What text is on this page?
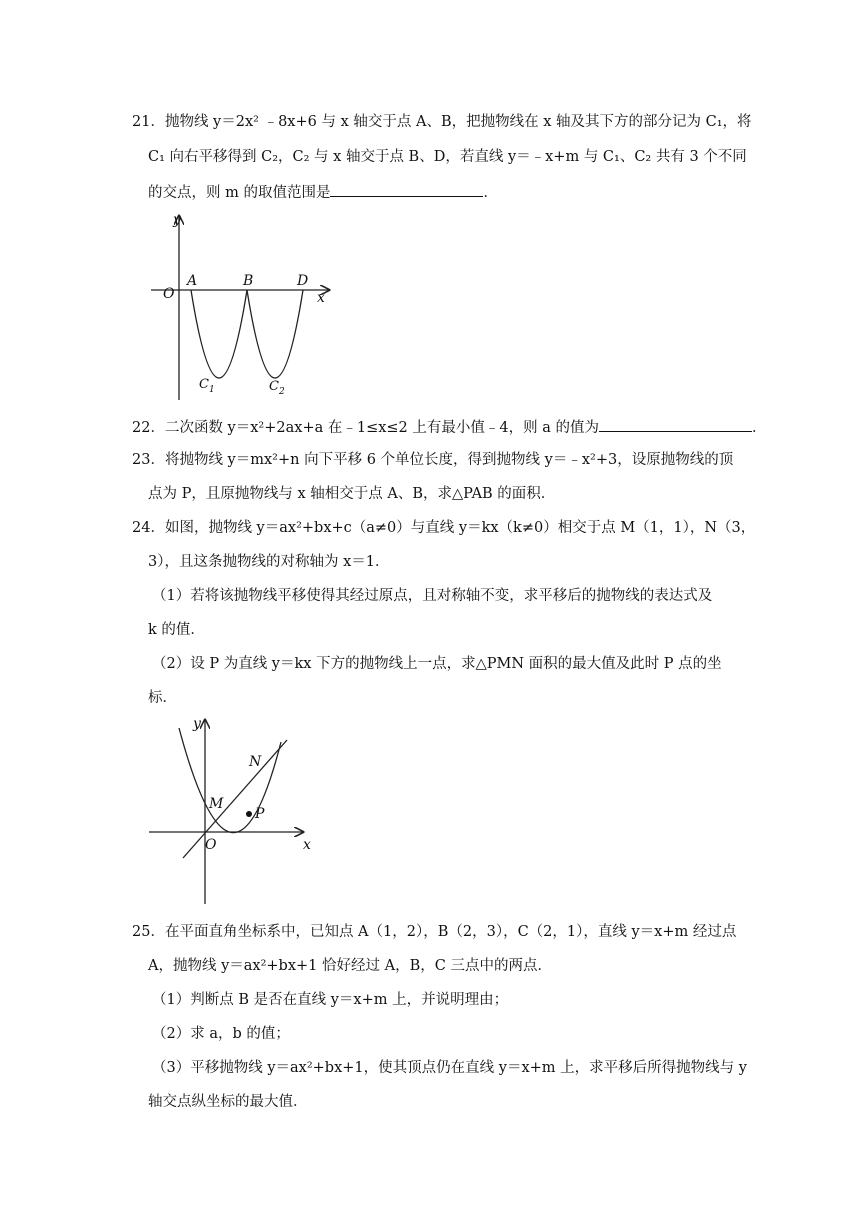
21．抛物线 y＝2x² ﹣8x+6 与 x 轴交于点 A、B，把抛物线在 x 轴及其下方的部分记为 C₁，将
C₁ 向右平移得到 C₂，C₂ 与 x 轴交于点 B、D，若直线 y＝﹣x+m 与 C₁、C₂ 共有 3 个不同
的交点，则 m 的取值范围是	．
y
x
O
A	B	D
$C_1$	$C_2$
22．二次函数 y＝x²+2ax+a 在﹣1≤x≤2 上有最小值﹣4，则 a 的值为	．
23．将抛物线 y＝mx²+n 向下平移 6 个单位长度，得到抛物线 y＝﹣x²+3，设原抛物线的顶
点为 P，且原抛物线与 x 轴相交于点 A、B，求△PAB 的面积．
24．如图，抛物线 y＝ax²+bx+c（a≠0）与直线 y＝kx（k≠0）相交于点 M（1，1），N（3，
3），且这条抛物线的对称轴为 x＝1．
（1）若将该抛物线平移使得其经过原点，且对称轴不变，求平移后的抛物线的表达式及
k 的值．
（2）设 P 为直线 y＝kx 下方的抛物线上一点，求△PMN 面积的最大值及此时 P 点的坐
标．
y
x
O
M
N
P
25．在平面直角坐标系中，已知点 A（1，2），B（2，3），C（2，1），直线 y＝x+m 经过点
A，抛物线 y＝ax²+bx+1 恰好经过 A，B，C 三点中的两点．
（1）判断点 B 是否在直线 y＝x+m 上，并说明理由；
（2）求 a，b 的值；
（3）平移抛物线 y＝ax²+bx+1，使其顶点仍在直线 y＝x+m 上，求平移后所得抛物线与 y
轴交点纵坐标的最大值．
